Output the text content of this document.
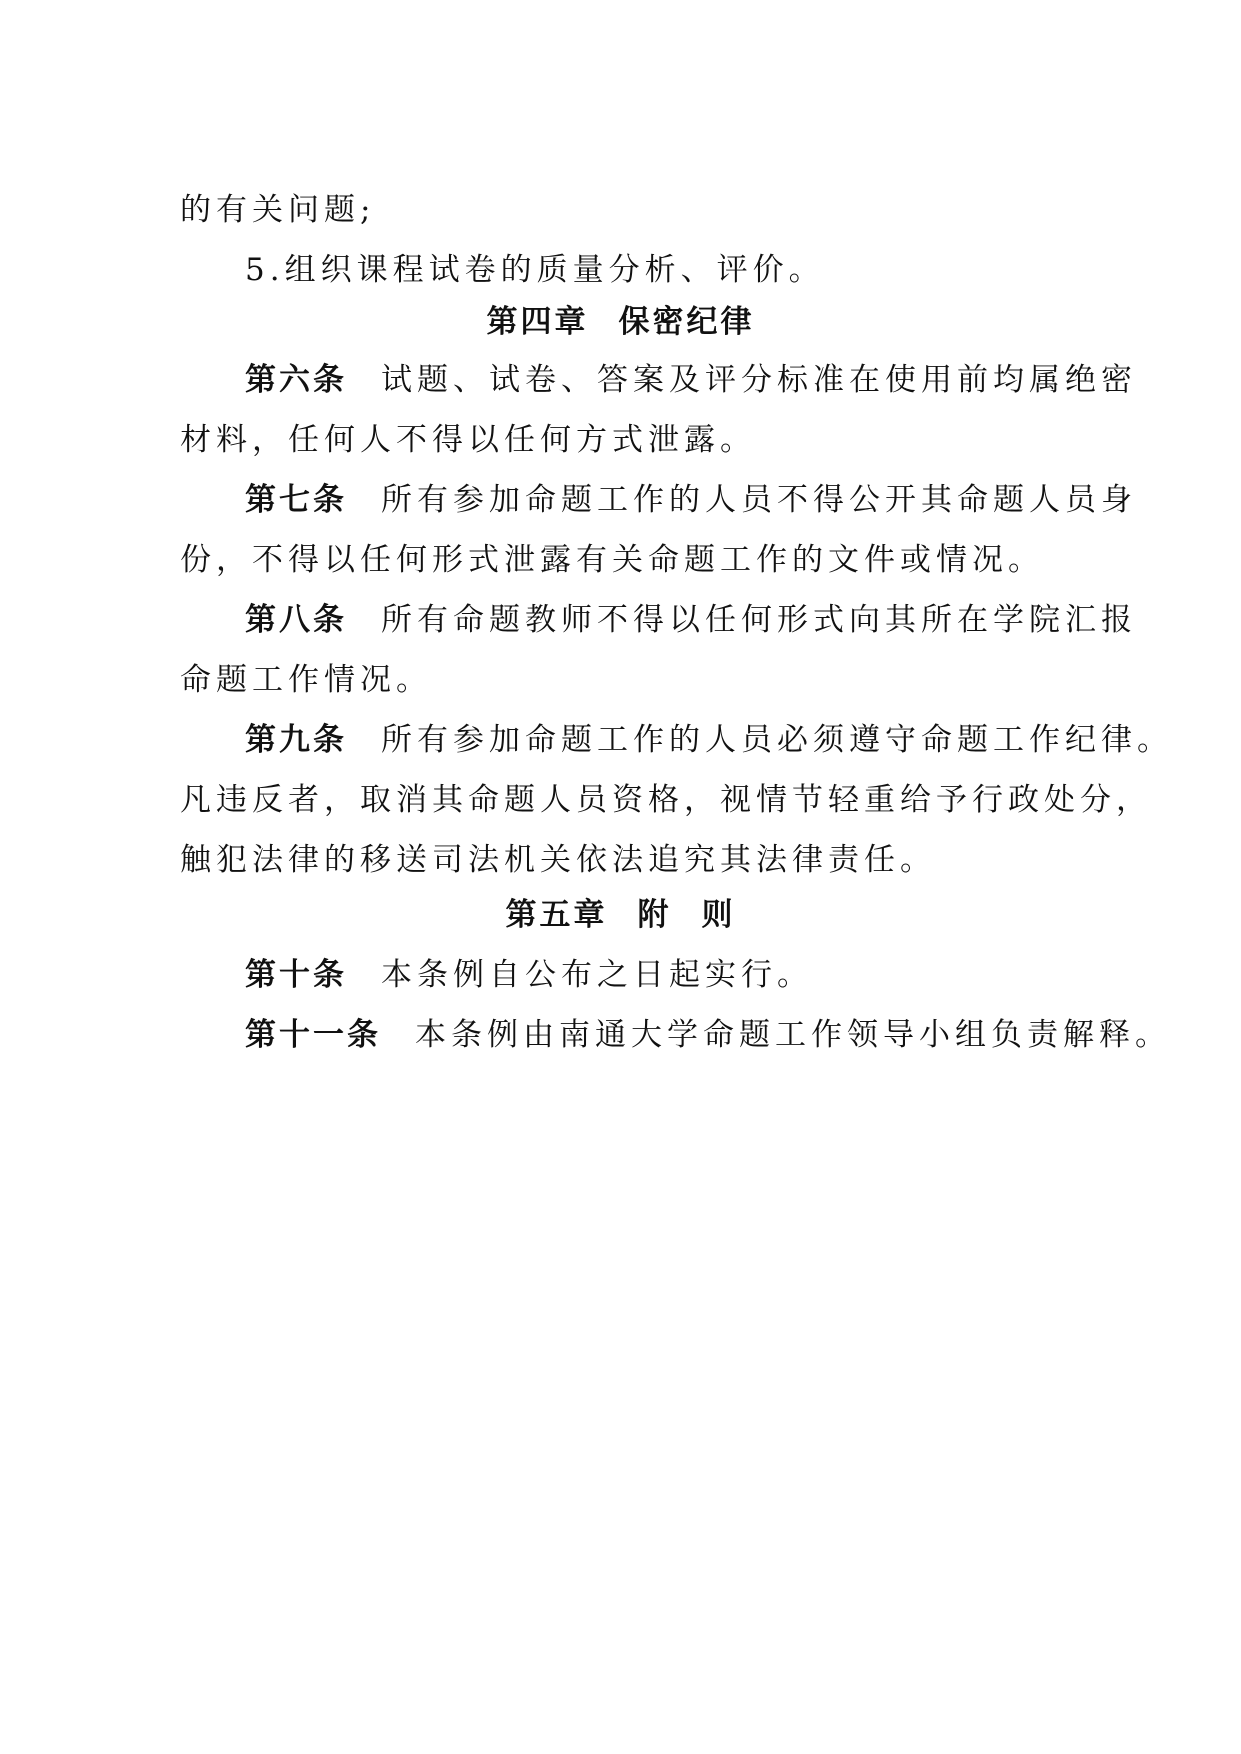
的有关问题;
5.组织课程试卷的质量分析、评价。
第四章 保密纪律
第六条 试题、试卷、答案及评分标准在使用前均属绝密
材料，任何人不得以任何方式泄露。
第七条 所有参加命题工作的人员不得公开其命题人员身
份，不得以任何形式泄露有关命题工作的文件或情况。
第八条 所有命题教师不得以任何形式向其所在学院汇报
命题工作情况。
第九条 所有参加命题工作的人员必须遵守命题工作纪律。
凡违反者，取消其命题人员资格，视情节轻重给予行政处分，
触犯法律的移送司法机关依法追究其法律责任。
第五章 附 则
第十条 本条例自公布之日起实行。
第十一条 本条例由南通大学命题工作领导小组负责解释。
